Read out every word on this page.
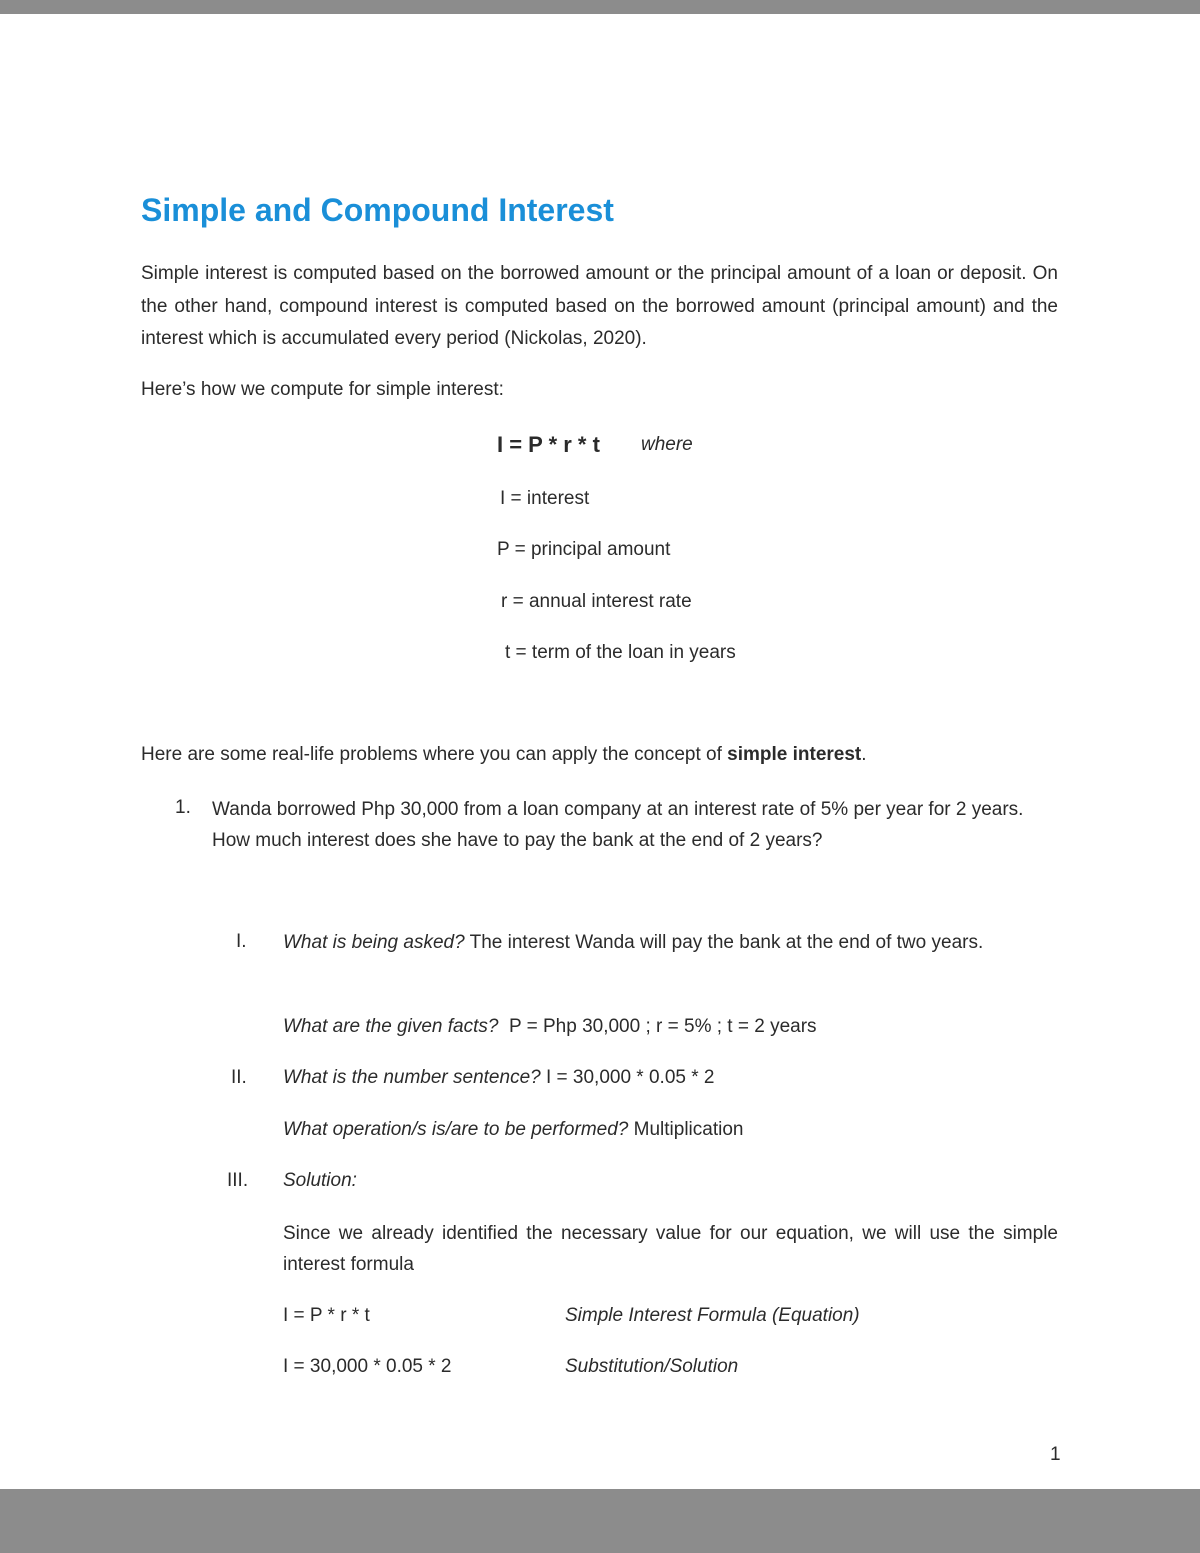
Simple and Compound Interest
Simple interest is computed based on the borrowed amount or the principal amount of a loan or deposit. On the other hand, compound interest is computed based on the borrowed amount (principal amount) and the interest which is accumulated every period (Nickolas, 2020).
Here’s how we compute for simple interest:
I = P * r * t where
I = interest
P = principal amount
r = annual interest rate
t = term of the loan in years
Here are some real-life problems where you can apply the concept of simple interest.
1. Wanda borrowed Php 30,000 from a loan company at an interest rate of 5% per year for 2 years. How much interest does she have to pay the bank at the end of 2 years?
I. What is being asked? The interest Wanda will pay the bank at the end of two years.
What are the given facts?  P = Php 30,000 ; r = 5% ; t = 2 years
II. What is the number sentence? I = 30,000 * 0.05 * 2
What operation/s is/are to be performed? Multiplication
III. Solution:
Since we already identified the necessary value for our equation, we will use the simple interest formula
I = P * r * t	Simple Interest Formula (Equation)
I = 30,000 * 0.05 * 2	Substitution/Solution
1
